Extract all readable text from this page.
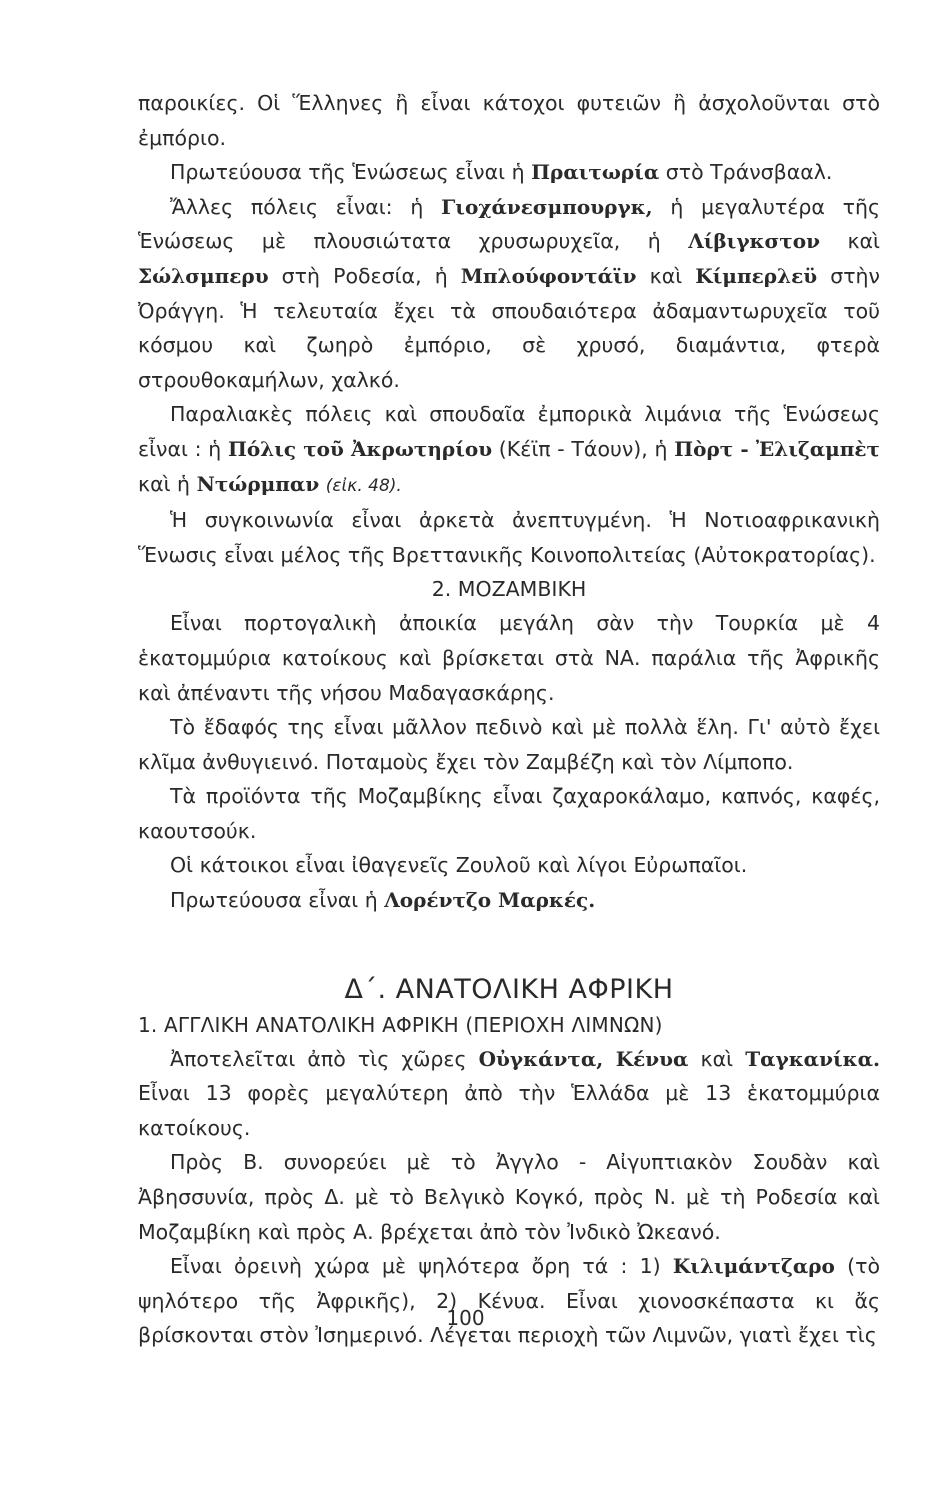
παροικίες. Οἱ Ἕλληνες ἢ εἶναι κάτοχοι φυτειῶν ἢ ἀσχολοῦνται στὸ ἐμπόριο.

Πρωτεύουσα τῆς Ἑνώσεως εἶναι ἡ Πραιτωρία στὸ Τράνσβααλ.

Ἄλλες πόλεις εἶναι: ἡ Γιοχάνεσμπουργκ, ἡ μεγαλυτέρα τῆς Ἑνώσεως μὲ πλουσιώτατα χρυσωρυχεῖα, ἡ Λίβιγκστον καὶ Σώλσμπερυ στὴ Ροδεσία, ἡ Μπλούφοντάϊν καὶ Κίμπερλεϋ στὴν Ὀράγγη. Ἡ τελευταία ἔχει τὰ σπουδαιότερα ἀδαμαντωρυχεῖα τοῦ κόσμου καὶ ζωηρὸ ἐμπόριο, σὲ χρυσό, διαμάντια, φτερὰ στρουθοκαμήλων, χαλκό.

Παραλιακὲς πόλεις καὶ σπουδαῖα ἐμπορικὰ λιμάνια τῆς Ἑνώσεως εἶναι : ἡ Πόλις τοῦ Ἀκρωτηρίου (Κέϊπ - Τάουν), ἡ Πὸρτ - Ἐλιζαμπὲτ καὶ ἡ Ντώρμπαν (εἰκ. 48).

Ἡ συγκοινωνία εἶναι ἀρκετὰ ἀνεπτυγμένη. Ἡ Νοτιοαφρικανικὴ Ἕνωσις εἶναι μέλος τῆς Βρεττανικῆς Κοινοπολιτείας (Αὐτοκρατορίας).

2. ΜΟΖΑΜΒΙΚΗ

Εἶναι πορτογαλικὴ ἀποικία μεγάλη σὰν τὴν Τουρκία μὲ 4 ἑκατομμύρια κατοίκους καὶ βρίσκεται στὰ ΝΑ. παράλια τῆς Ἀφρικῆς καὶ ἀπέναντι τῆς νήσου Μαδαγασκάρης.

Τὸ ἔδαφός της εἶναι μᾶλλον πεδινὸ καὶ μὲ πολλὰ ἕλη. Γι' αὐτὸ ἔχει κλῖμα ἀνθυγιεινό. Ποταμοὺς ἔχει τὸν Ζαμβέζη καὶ τὸν Λίμποπο.

Τὰ προϊόντα τῆς Μοζαμβίκης εἶναι ζαχαροκάλαμο, καπνός, καφές, καουτσούκ.

Οἱ κάτοικοι εἶναι ἰθαγενεῖς Ζουλοῦ καὶ λίγοι Εὐρωπαῖοι.

Πρωτεύουσα εἶναι ἡ Λορέντζο Μαρκές.

Δ΄. ΑΝΑΤΟΛΙΚΗ ΑΦΡΙΚΗ

1. ΑΓΓΛΙΚΗ ΑΝΑΤΟΛΙΚΗ ΑΦΡΙΚΗ (ΠΕΡΙΟΧΗ ΛΙΜΝΩΝ)

Ἀποτελεῖται ἀπὸ τὶς χῶρες Οὐγκάντα, Κένυα καὶ Ταγκανίκα. Εἶναι 13 φορὲς μεγαλύτερη ἀπὸ τὴν Ἑλλάδα μὲ 13 ἑκατομμύρια κατοίκους.

Πρὸς Β. συνορεύει μὲ τὸ Ἀγγλο - Αἰγυπτιακὸν Σουδὰν καὶ Ἀβησσυνία, πρὸς Δ. μὲ τὸ Βελγικὸ Κογκό, πρὸς Ν. μὲ τὴ Ροδεσία καὶ Μοζαμβίκη καὶ πρὸς Α. βρέχεται ἀπὸ τὸν Ἰνδικὸ Ὠκεανό.

Εἶναι ὀρεινὴ χώρα μὲ ψηλότερα ὄρη τά : 1) Κιλιμάντζαρο (τὸ ψηλότερο τῆς Ἀφρικῆς), 2) Κένυα. Εἶναι χιονοσκέπαστα κι ἄς βρίσκονται στὸν Ἰσημερινό. Λέγεται περιοχὴ τῶν Λιμνῶν, γιατὶ ἔχει τὶς

100
